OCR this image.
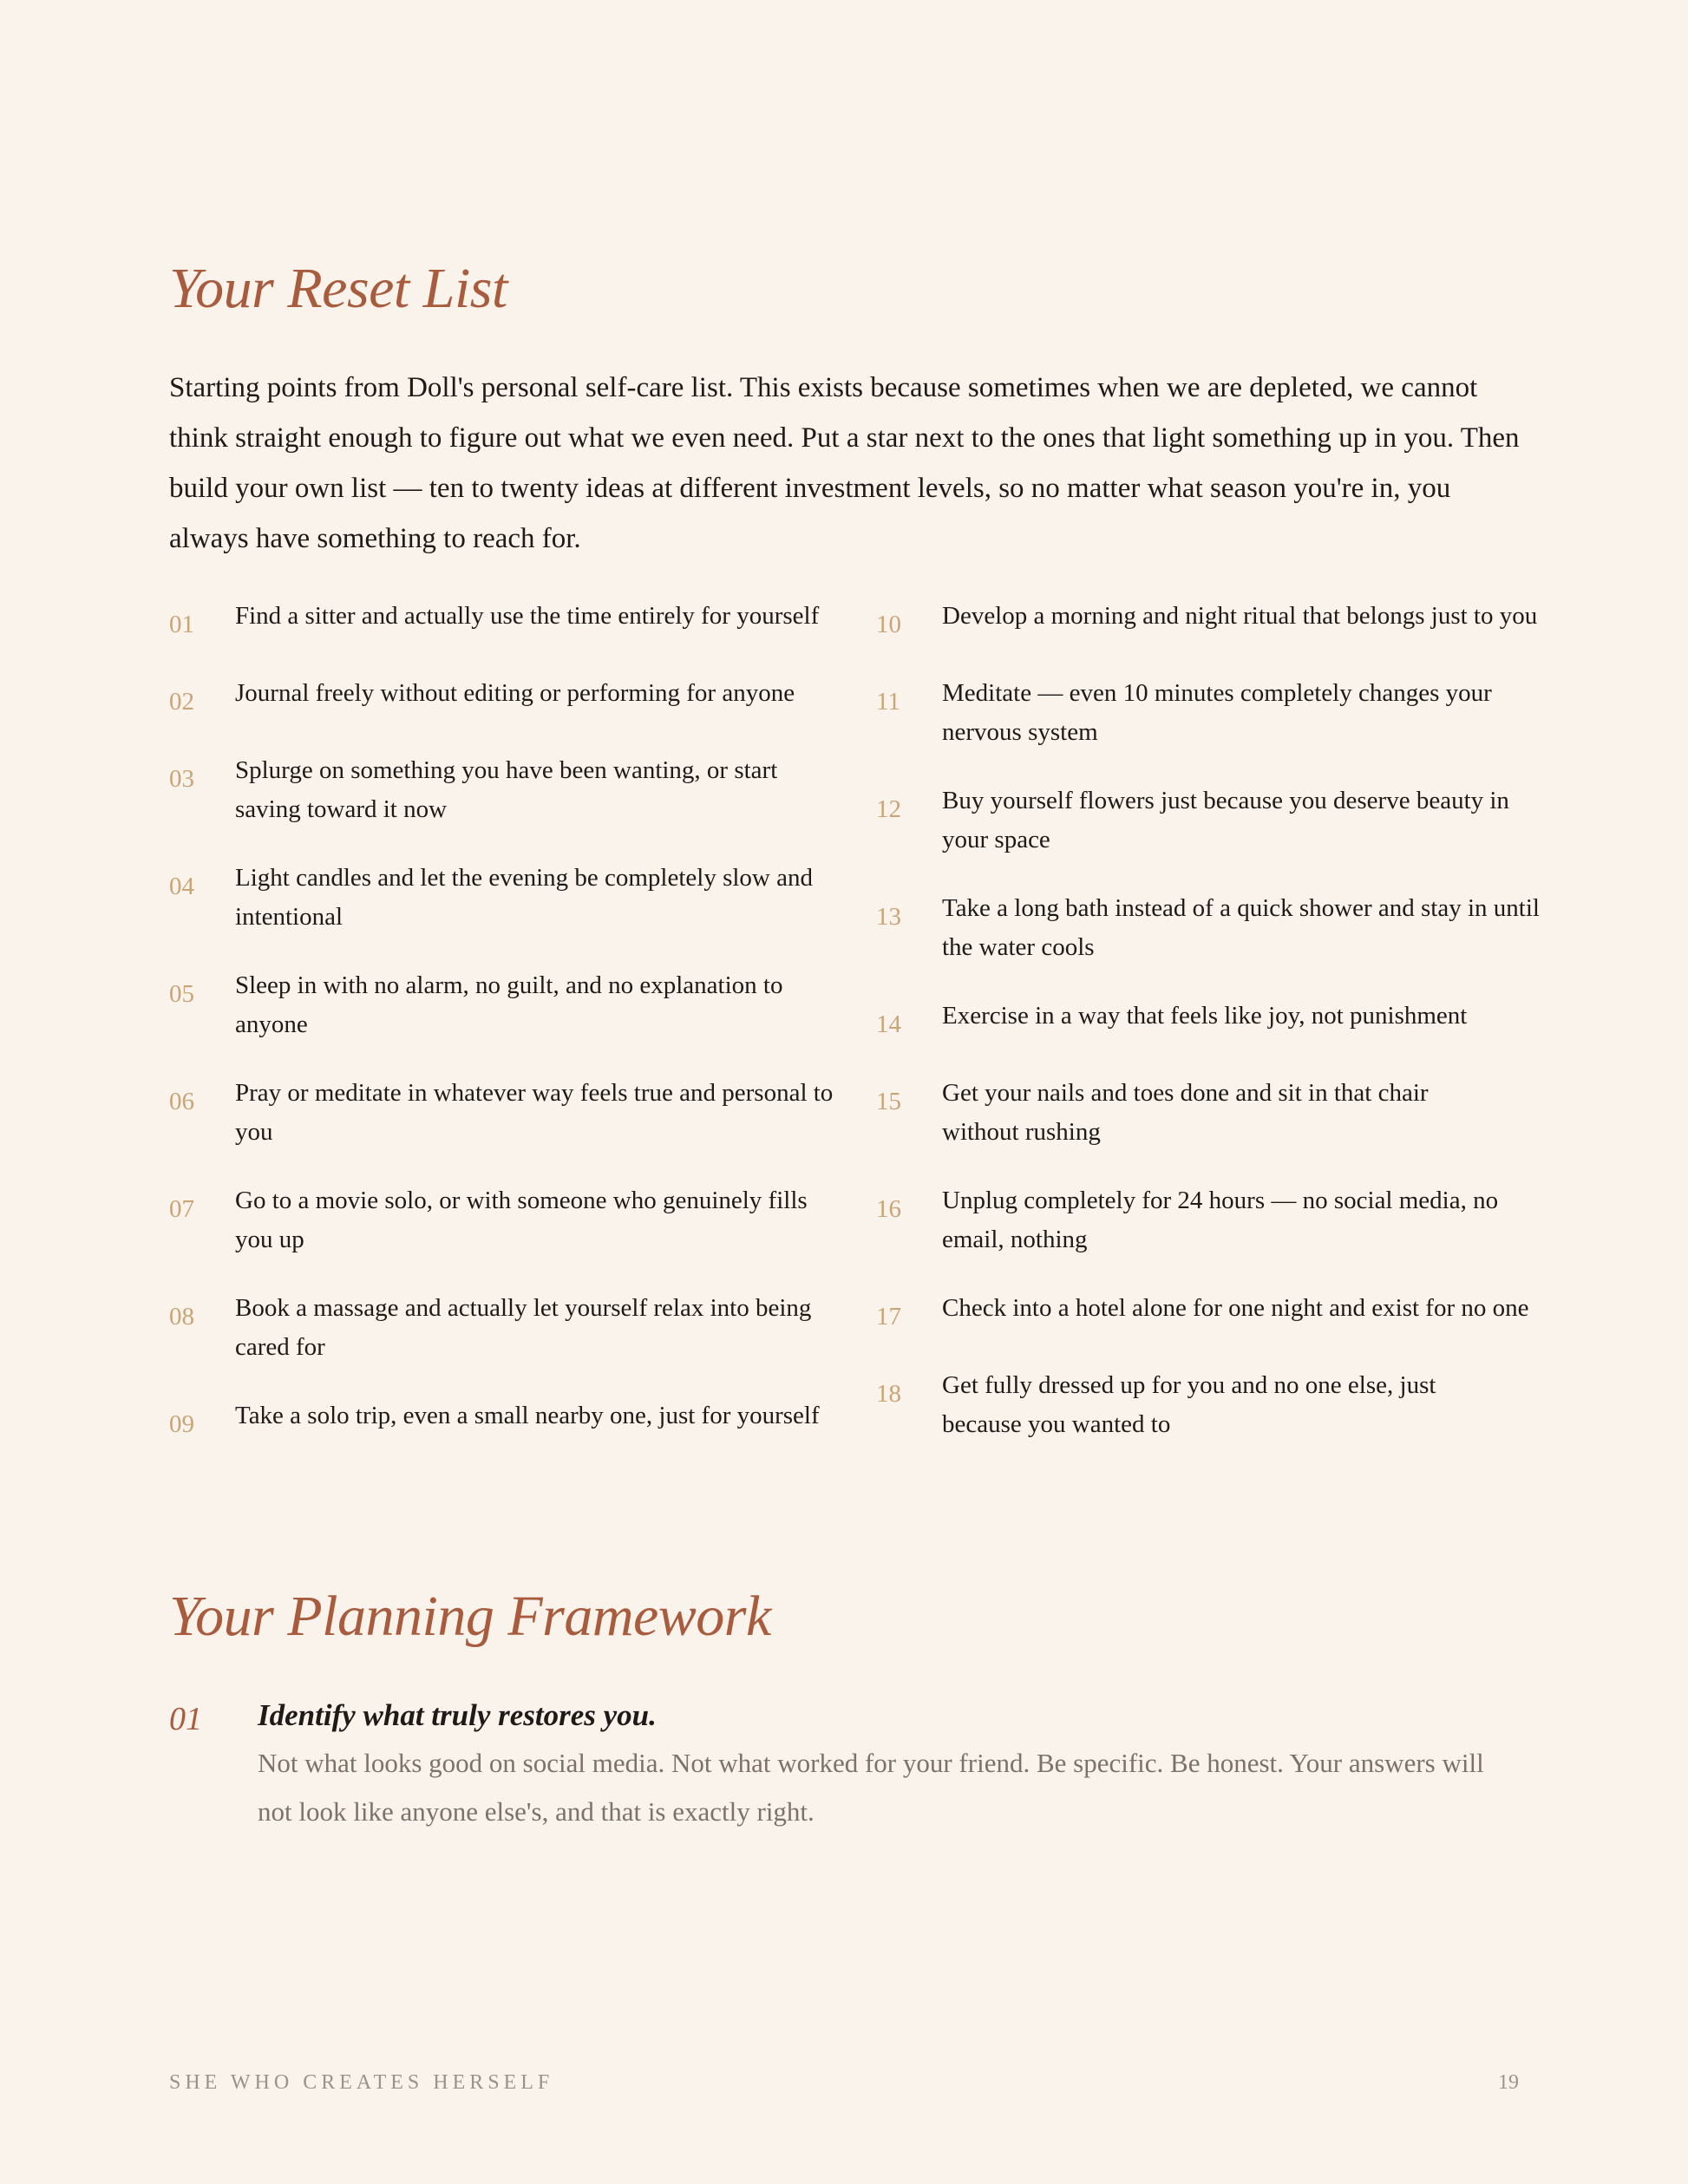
Your Reset List

Starting points from Doll's personal self-care list. This exists because sometimes when we are depleted, we cannot think straight enough to figure out what we even need. Put a star next to the ones that light something up in you. Then build your own list — ten to twenty ideas at different investment levels, so no matter what season you're in, you always have something to reach for.

01	Find a sitter and actually use the time entirely for yourself
02	Journal freely without editing or performing for anyone
03	Splurge on something you have been wanting, or start saving toward it now
04	Light candles and let the evening be completely slow and intentional
05	Sleep in with no alarm, no guilt, and no explanation to anyone
06	Pray or meditate in whatever way feels true and personal to you
07	Go to a movie solo, or with someone who genuinely fills you up
08	Book a massage and actually let yourself relax into being cared for
09	Take a solo trip, even a small nearby one, just for yourself
10	Develop a morning and night ritual that belongs just to you
11	Meditate — even 10 minutes completely changes your nervous system
12	Buy yourself flowers just because you deserve beauty in your space
13	Take a long bath instead of a quick shower and stay in until the water cools
14	Exercise in a way that feels like joy, not punishment
15	Get your nails and toes done and sit in that chair without rushing
16	Unplug completely for 24 hours — no social media, no email, nothing
17	Check into a hotel alone for one night and exist for no one
18	Get fully dressed up for you and no one else, just because you wanted to
Your Planning Framework
01	Identify what truly restores you.
Not what looks good on social media. Not what worked for your friend. Be specific. Be honest. Your answers will not look like anyone else's, and that is exactly right.
SHE WHO CREATES HERSELF	19
